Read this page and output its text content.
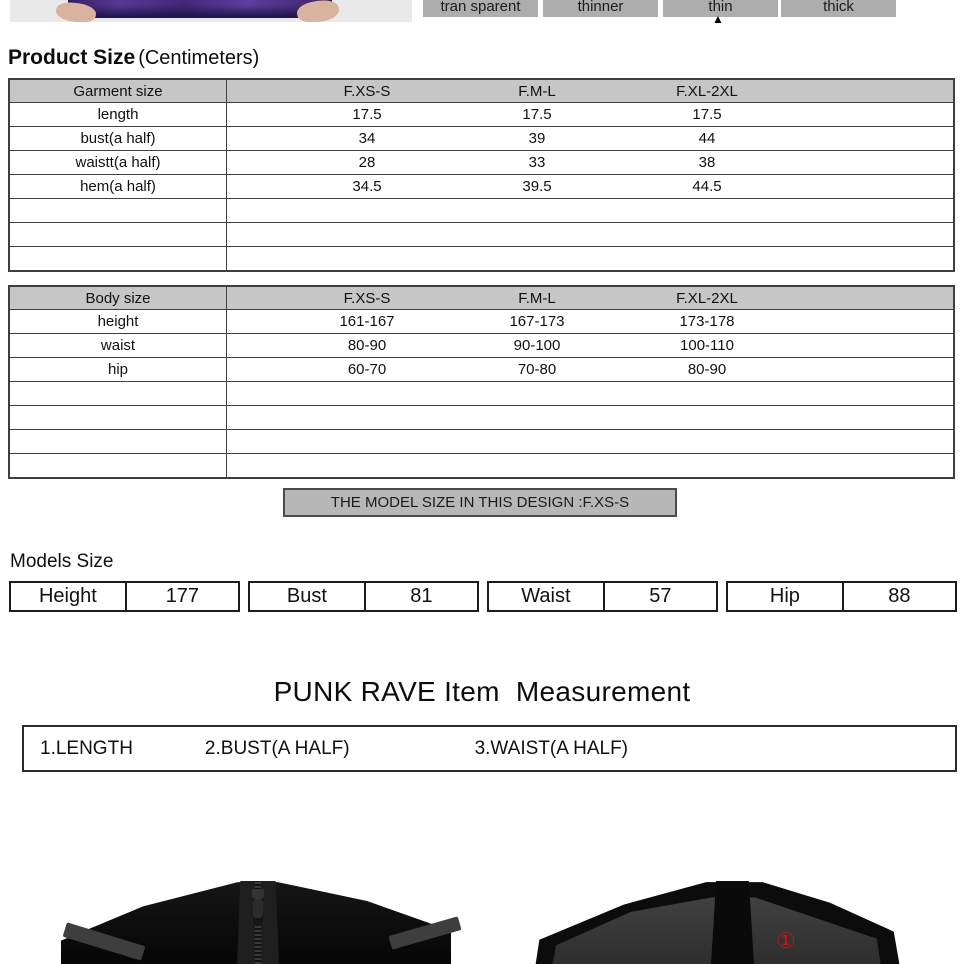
tran sparent	thinner	thin	thick
▲
Product Size (Centimeters)
Garment size	F.XS-S	F.M-L	F.XL-2XL
length	17.5	17.5	17.5
bust(a half)	34	39	44
waistt(a half)	28	33	38
hem(a half)	34.5	39.5	44.5
Body size	F.XS-S	F.M-L	F.XL-2XL
height	161-167	167-173	173-178
waist	80-90	90-100	100-110
hip	60-70	70-80	80-90
THE MODEL SIZE IN THIS DESIGN :F.XS-S
Models Size
Height	177	Bust	81	Waist	57	Hip	88
PUNK RAVE Item  Measurement
1.LENGTH	2.BUST(A HALF)	3.WAIST(A HALF)
①
